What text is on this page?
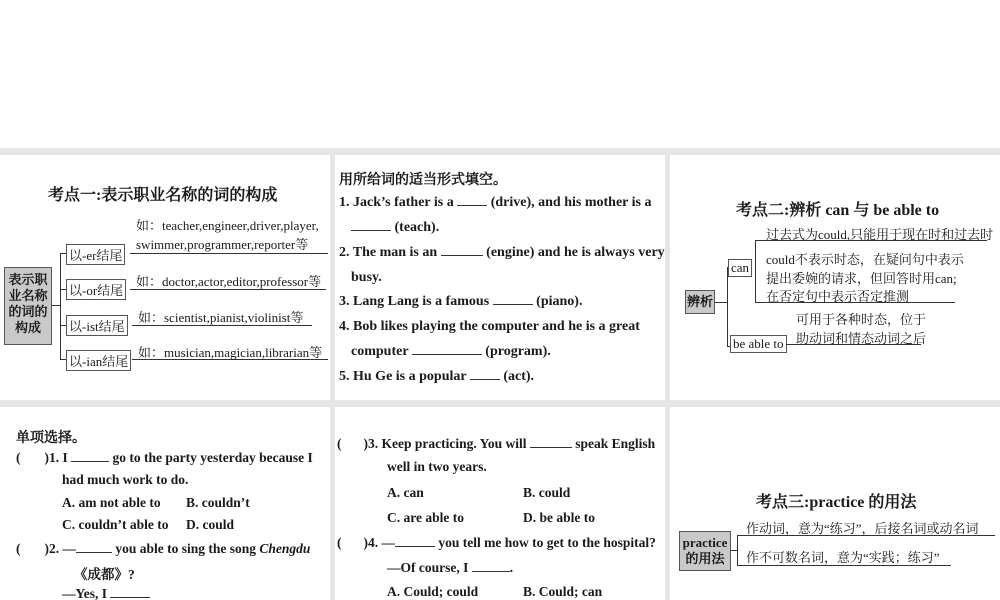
考点一:表示职业名称的词的构成
表示职
业名称
的词的
构成
以-er结尾
如：teacher,engineer,driver,player,
swimmer,programmer,reporter等
以-or结尾
如：doctor,actor,editor,professor等
以-ist结尾
如：scientist,pianist,violinist等
以-ian结尾
如：musician,magician,librarian等
用所给词的适当形式填空。
1. Jack’s father is a	(drive), and his mother is a
(teach).
2. The man is an	(engine) and he is always very
busy.
3. Lang Lang is a famous	(piano).
4. Bob likes playing the computer and he is a great
computer	(program).
5. Hu Ge is a popular	(act).
考点二:辨析 can 与 be able to
辨析
can
过去式为could,只能用于现在时和过去时
could不表示时态，在疑问句中表示
提出委婉的请求，但回答时用can;
在否定句中表示否定推测
be able to
可用于各种时态，位于
助动词和情态动词之后
单项选择。
( )1. I	go to the party yesterday because I
had much work to do.
A. am not able to B. couldn’t
C. couldn’t able to D. could
( )2. —	you able to sing the song Chengdu
《成都》?
—Yes, I
( )3. Keep practicing. You will	speak English
well in two years.
A. can	B. could
C. are able to	D. be able to
( )4. —	you tell me how to get to the hospital?
—Of course, I	.
A. Could; could	B. Could; can
考点三:practice 的用法
practice
的用法
作动词，意为“练习”，后接名词或动名词
作不可数名词，意为“实践；练习”
